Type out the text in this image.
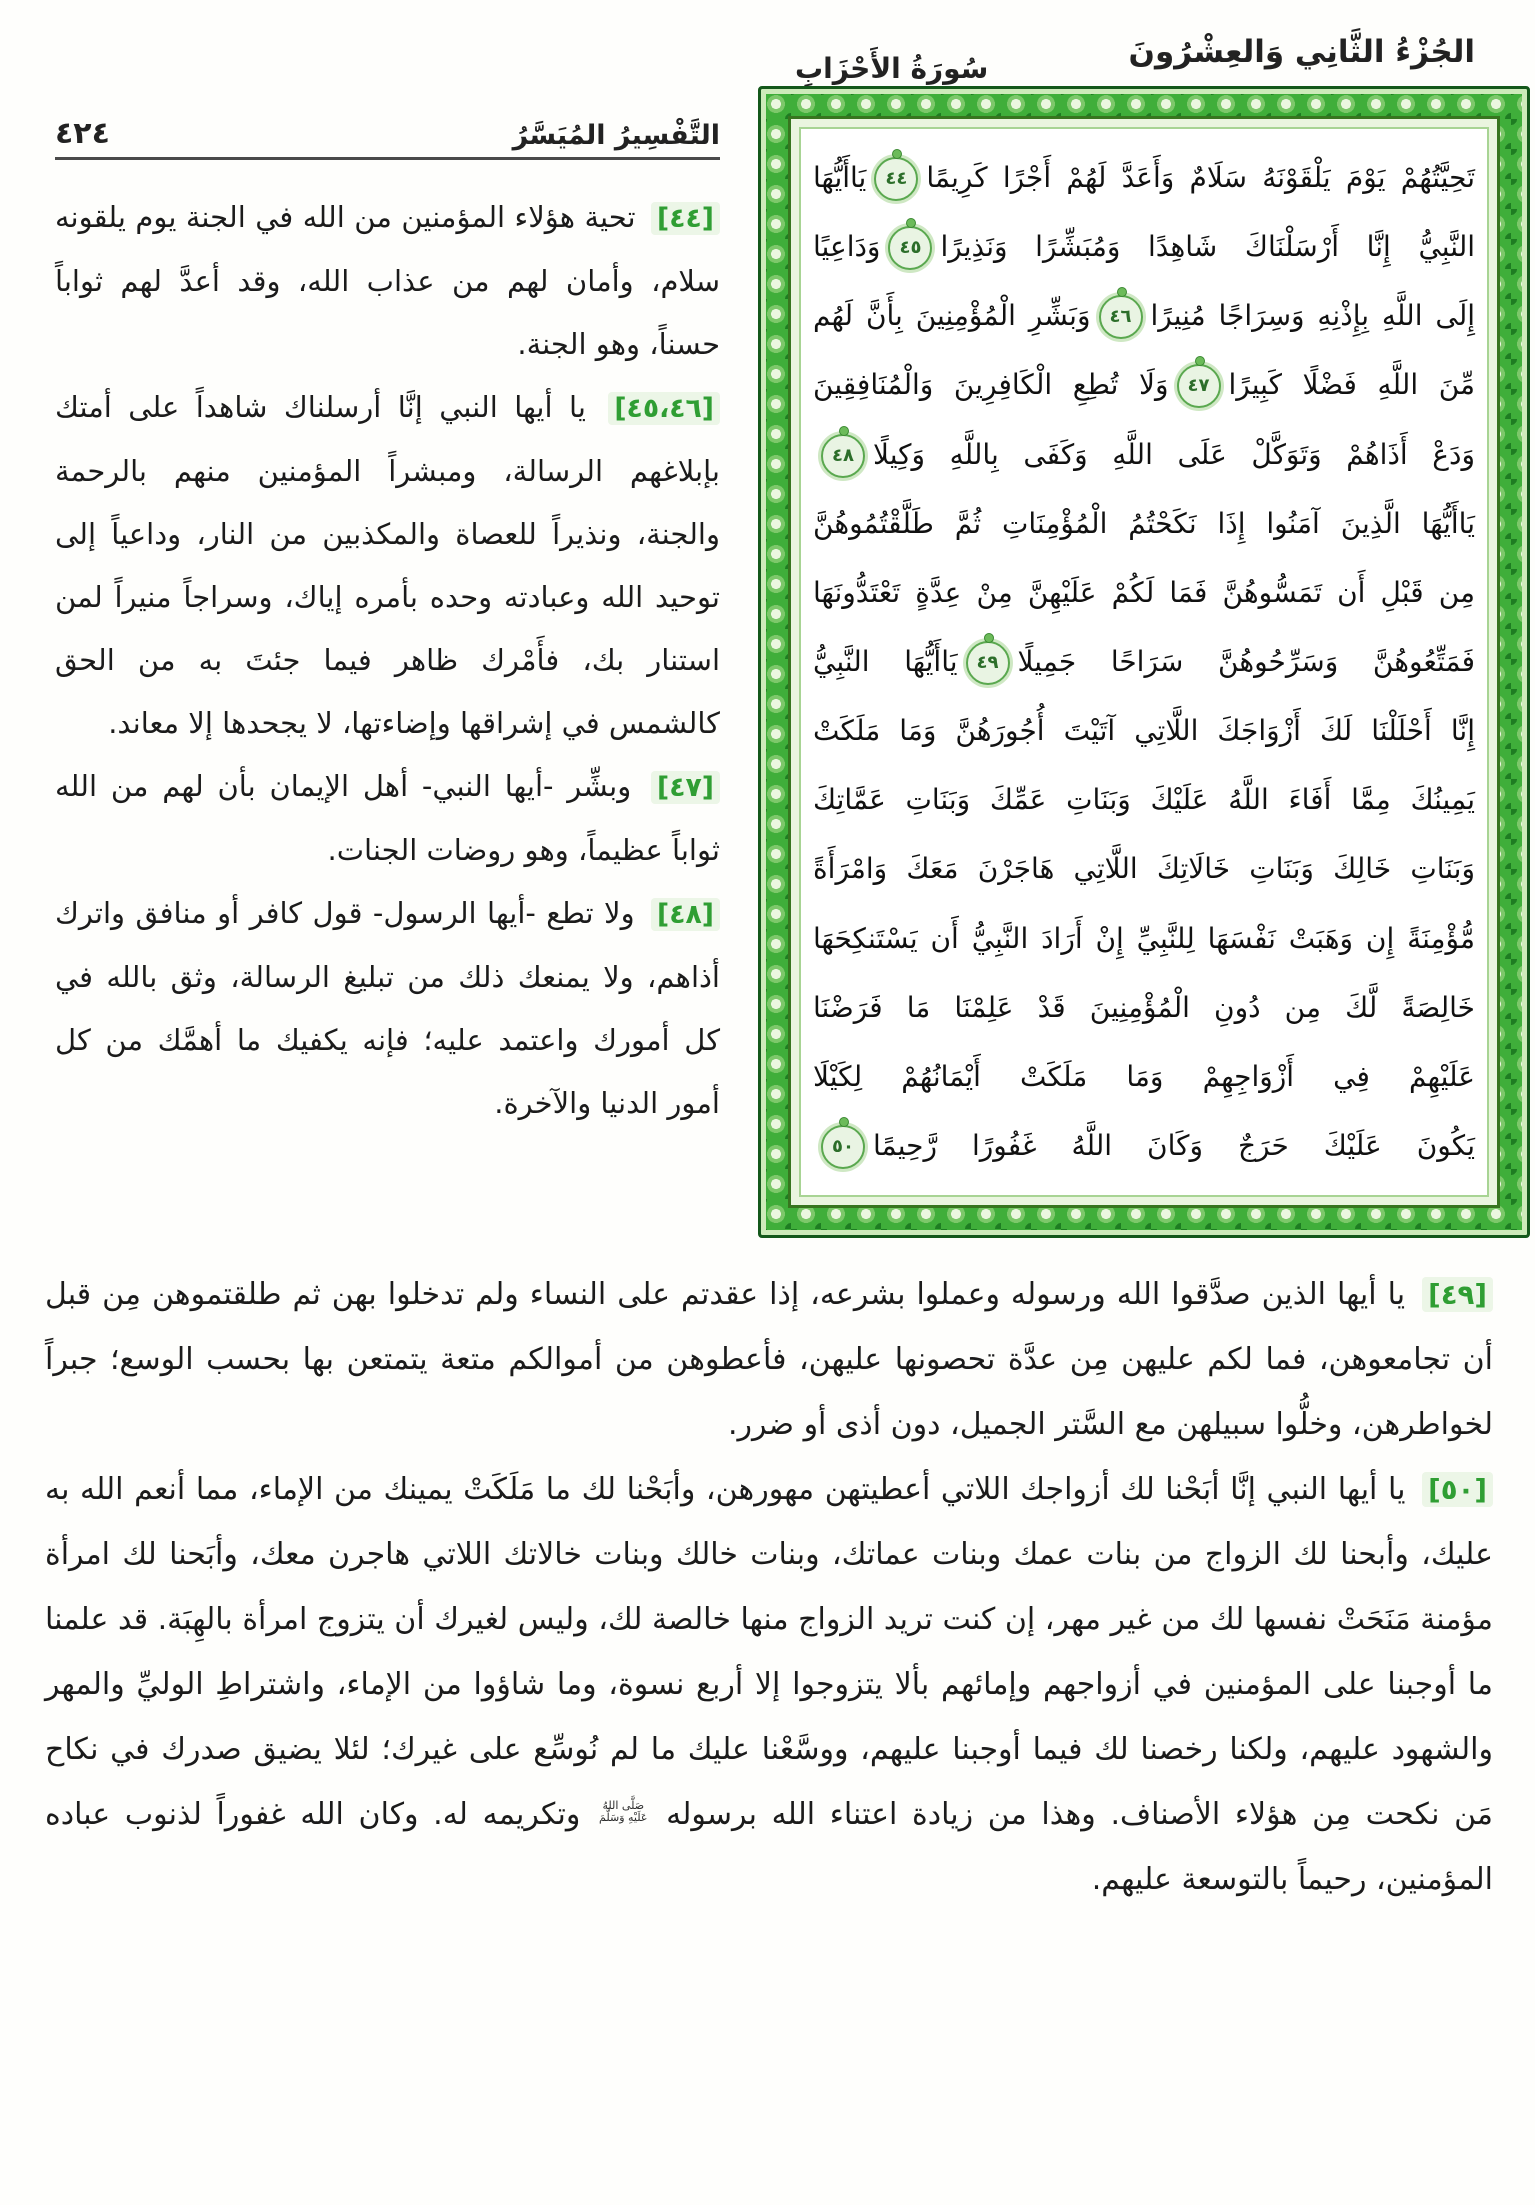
الجُزْءُ الثَّانِي وَالعِشْرُونَ
سُورَةُ الأَحْزَابِ
٤٢٤	التَّفْسِيرُ المُيَسَّرُ

[٤٤] تحية هؤلاء المؤمنين من الله في الجنة يوم يلقونه سلام، وأمان لهم من عذاب الله، وقد أعدَّ لهم ثواباً حسناً، وهو الجنة.

[٤٥،٤٦] يا أيها النبي إنَّا أرسلناك شاهداً على أمتك بإبلاغهم الرسالة، ومبشراً المؤمنين منهم بالرحمة والجنة، ونذيراً للعصاة والمكذبين من النار، وداعياً إلى توحيد الله وعبادته وحده بأمره إياك، وسراجاً منيراً لمن استنار بك، فأَمْرك ظاهر فيما جئتَ به من الحق كالشمس في إشراقها وإضاءتها، لا يجحدها إلا معاند.

[٤٧] وبشِّر -أيها النبي- أهل الإيمان بأن لهم من الله ثواباً عظيماً، وهو روضات الجنات.

[٤٨] ولا تطع -أيها الرسول- قول كافر أو منافق واترك أذاهم، ولا يمنعك ذلك من تبليغ الرسالة، وثق بالله في كل أمورك واعتمد عليه؛ فإنه يكفيك ما أهمَّك من كل أمور الدنيا والآخرة.

تَحِيَّتُهُمْ يَوْمَ يَلْقَوْنَهُ سَلَامٌ وَأَعَدَّ لَهُمْ أَجْرًا كَرِيمًا٤٤يَاأَيُّهَا
النَّبِيُّ إِنَّا أَرْسَلْنَاكَ شَاهِدًا وَمُبَشِّرًا وَنَذِيرًا٤٥وَدَاعِيًا
إِلَى اللَّهِ بِإِذْنِهِ وَسِرَاجًا مُنِيرًا٤٦وَبَشِّرِ الْمُؤْمِنِينَ بِأَنَّ لَهُم
مِّنَ اللَّهِ فَضْلًا كَبِيرًا٤٧وَلَا تُطِعِ الْكَافِرِينَ وَالْمُنَافِقِينَ
وَدَعْ أَذَاهُمْ وَتَوَكَّلْ عَلَى اللَّهِ وَكَفَى بِاللَّهِ وَكِيلًا٤٨
يَاأَيُّهَا الَّذِينَ آمَنُوا إِذَا نَكَحْتُمُ الْمُؤْمِنَاتِ ثُمَّ طَلَّقْتُمُوهُنَّ
مِن قَبْلِ أَن تَمَسُّوهُنَّ فَمَا لَكُمْ عَلَيْهِنَّ مِنْ عِدَّةٍ تَعْتَدُّونَهَا
فَمَتِّعُوهُنَّ وَسَرِّحُوهُنَّ سَرَاحًا جَمِيلًا٤٩يَاأَيُّهَا النَّبِيُّ
إِنَّا أَحْلَلْنَا لَكَ أَزْوَاجَكَ اللَّاتِي آتَيْتَ أُجُورَهُنَّ وَمَا مَلَكَتْ
يَمِينُكَ مِمَّا أَفَاءَ اللَّهُ عَلَيْكَ وَبَنَاتِ عَمِّكَ وَبَنَاتِ عَمَّاتِكَ
وَبَنَاتِ خَالِكَ وَبَنَاتِ خَالَاتِكَ اللَّاتِي هَاجَرْنَ مَعَكَ وَامْرَأَةً
مُّؤْمِنَةً إِن وَهَبَتْ نَفْسَهَا لِلنَّبِيِّ إِنْ أَرَادَ النَّبِيُّ أَن يَسْتَنكِحَهَا
خَالِصَةً لَّكَ مِن دُونِ الْمُؤْمِنِينَ قَدْ عَلِمْنَا مَا فَرَضْنَا
عَلَيْهِمْ فِي أَزْوَاجِهِمْ وَمَا مَلَكَتْ أَيْمَانُهُمْ لِكَيْلَا
يَكُونَ عَلَيْكَ حَرَجٌ وَكَانَ اللَّهُ غَفُورًا رَّحِيمًا٥٠

[٤٩] يا أيها الذين صدَّقوا الله ورسوله وعملوا بشرعه، إذا عقدتم على النساء ولم تدخلوا بهن ثم طلقتموهن مِن قبل أن تجامعوهن، فما لكم عليهن مِن عدَّة تحصونها عليهن، فأعطوهن من أموالكم متعة يتمتعن بها بحسب الوسع؛ جبراً لخواطرهن، وخلُّوا سبيلهن مع السَّتر الجميل، دون أذى أو ضرر.

[٥٠] يا أيها النبي إنَّا أبَحْنا لك أزواجك اللاتي أعطيتهن مهورهن، وأبَحْنا لك ما مَلَكَتْ يمينك من الإماء، مما أنعم الله به عليك، وأبحنا لك الزواج من بنات عمك وبنات عماتك، وبنات خالك وبنات خالاتك اللاتي هاجرن معك، وأبَحنا لك امرأة مؤمنة مَنَحَتْ نفسها لك من غير مهر، إن كنت تريد الزواج منها خالصة لك، وليس لغيرك أن يتزوج امرأة بالهِبَة. قد علمنا ما أوجبنا على المؤمنين في أزواجهم وإمائهم بألا يتزوجوا إلا أربع نسوة، وما شاؤوا من الإماء، واشتراطِ الوليِّ والمهر والشهود عليهم، ولكنا رخصنا لك فيما أوجبنا عليهم، ووسَّعْنا عليك ما لم نُوسِّع على غيرك؛ لئلا يضيق صدرك في نكاح مَن نكحت مِن هؤلاء الأصناف. وهذا من زيادة اعتناء الله برسوله
صَلَّى اللهُ
عَلَيْهِ وَسَلَّمَ
وتكريمه له. وكان الله غفوراً لذنوب عباده المؤمنين، رحيماً بالتوسعة عليهم.
